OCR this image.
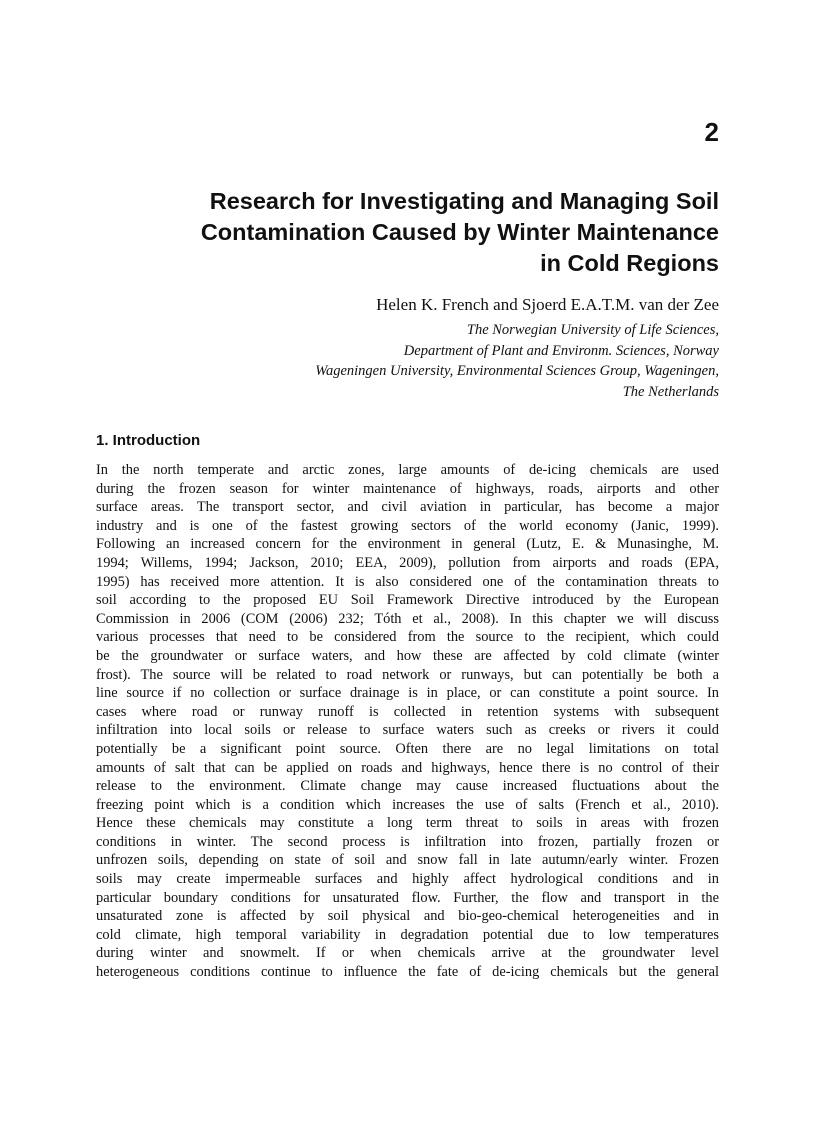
2
Research for Investigating and Managing Soil
Contamination Caused by Winter Maintenance
in Cold Regions

Helen K. French and Sjoerd E.A.T.M. van der Zee

The Norwegian University of Life Sciences,
Department of Plant and Environm. Sciences, Norway
Wageningen University, Environmental Sciences Group, Wageningen,
The Netherlands

1. Introduction
In the north temperate and arctic zones, large amounts of de-icing chemicals are used
during the frozen season for winter maintenance of highways, roads, airports and other
surface areas. The transport sector, and civil aviation in particular, has become a major
industry and is one of the fastest growing sectors of the world economy (Janic, 1999).
Following an increased concern for the environment in general (Lutz, E. & Munasinghe, M.
1994; Willems, 1994; Jackson, 2010; EEA, 2009), pollution from airports and roads (EPA,
1995) has received more attention. It is also considered one of the contamination threats to
soil according to the proposed EU Soil Framework Directive introduced by the European
Commission in 2006 (COM (2006) 232; Tóth et al., 2008). In this chapter we will discuss
various processes that need to be considered from the source to the recipient, which could
be the groundwater or surface waters, and how these are affected by cold climate (winter
frost). The source will be related to road network or runways, but can potentially be both a
line source if no collection or surface drainage is in place, or can constitute a point source. In
cases where road or runway runoff is collected in retention systems with subsequent
infiltration into local soils or release to surface waters such as creeks or rivers it could
potentially be a significant point source. Often there are no legal limitations on total
amounts of salt that can be applied on roads and highways, hence there is no control of their
release to the environment. Climate change may cause increased fluctuations about the
freezing point which is a condition which increases the use of salts (French et al., 2010).
Hence these chemicals may constitute a long term threat to soils in areas with frozen
conditions in winter. The second process is infiltration into frozen, partially frozen or
unfrozen soils, depending on state of soil and snow fall in late autumn/early winter. Frozen
soils may create impermeable surfaces and highly affect hydrological conditions and in
particular boundary conditions for unsaturated flow. Further, the flow and transport in the
unsaturated zone is affected by soil physical and bio-geo-chemical heterogeneities and in
cold climate, high temporal variability in degradation potential due to low temperatures
during winter and snowmelt. If or when chemicals arrive at the groundwater level
heterogeneous conditions continue to influence the fate of de-icing chemicals but the general
